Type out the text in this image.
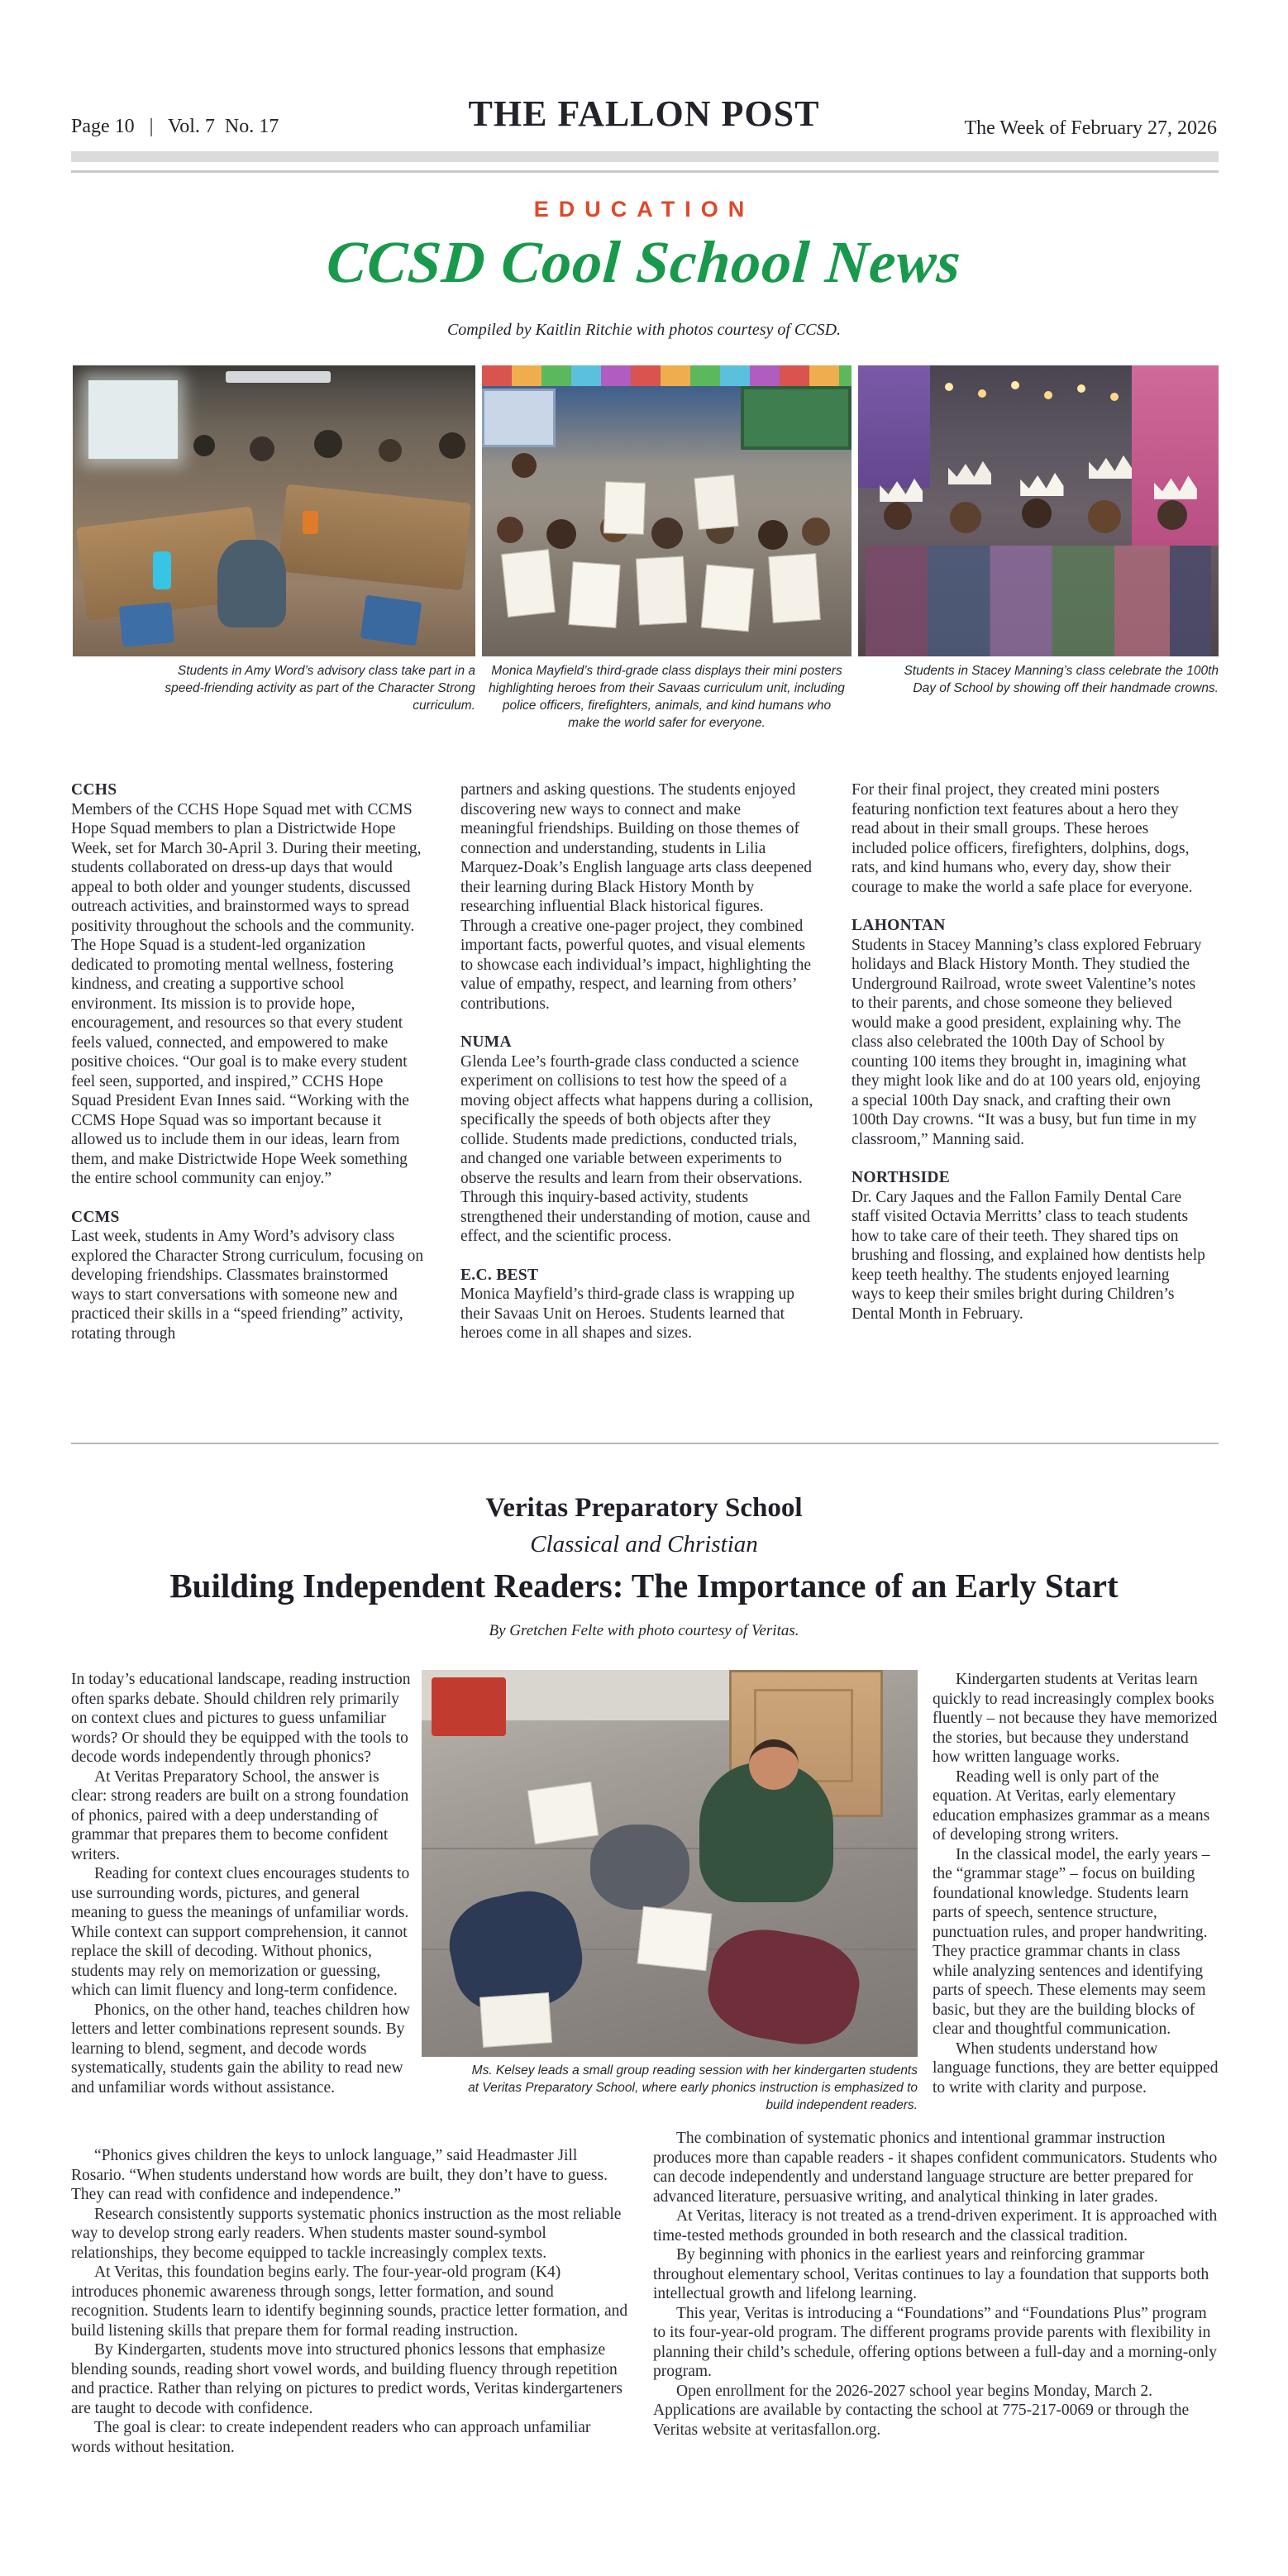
Page 10   |   Vol. 7  No. 17	THE FALLON POST	The Week of February 27, 2026
EDUCATION
CCSD Cool School News
Compiled by Kaitlin Ritchie with photos courtesy of CCSD.
Students in Amy Word’s advisory class take part in a speed-friending activity as part of the Character Strong curriculum.
Monica Mayfield’s third-grade class displays their mini posters highlighting heroes from their Savaas curriculum unit, including police officers, firefighters, animals, and kind humans who make the world safer for everyone.
Students in Stacey Manning’s class celebrate the 100th Day of School by showing off their handmade crowns.
CCHS

Members of the CCHS Hope Squad met with CCMS Hope Squad members to plan a Districtwide Hope Week, set for March 30-April 3. During their meeting, students collaborated on dress-up days that would appeal to both older and younger students, discussed outreach activities, and brainstormed ways to spread positivity throughout the schools and the community. The Hope Squad is a student-led organization dedicated to promoting mental wellness, fostering kindness, and creating a supportive school environment. Its mission is to provide hope, encouragement, and resources so that every student feels valued, connected, and empowered to make positive choices. “Our goal is to make every student feel seen, supported, and inspired,” CCHS Hope Squad President Evan Innes said. “Working with the CCMS Hope Squad was so important because it allowed us to include them in our ideas, learn from them, and make Districtwide Hope Week something the entire school community can enjoy.”

CCMS

Last week, students in Amy Word’s advisory class explored the Character Strong curriculum, focusing on developing friendships. Classmates brainstormed ways to start conversations with someone new and practiced their skills in a “speed friending” activity, rotating through

partners and asking questions. The students enjoyed discovering new ways to connect and make meaningful friendships. Building on those themes of connection and understanding, students in Lilia Marquez-Doak’s English language arts class deepened their learning during Black History Month by researching influential Black historical figures. Through a creative one-pager project, they combined important facts, powerful quotes, and visual elements to showcase each individual’s impact, highlighting the value of empathy, respect, and learning from others’ contributions.

NUMA

Glenda Lee’s fourth-grade class conducted a science experiment on collisions to test how the speed of a moving object affects what happens during a collision, specifically the speeds of both objects after they collide. Students made predictions, conducted trials, and changed one variable between experiments to observe the results and learn from their observations. Through this inquiry-based activity, students strengthened their understanding of motion, cause and effect, and the scientific process.

E.C. BEST

Monica Mayfield’s third-grade class is wrapping up their Savaas Unit on Heroes. Students learned that heroes come in all shapes and sizes.

For their final project, they created mini posters featuring nonfiction text features about a hero they read about in their small groups. These heroes included police officers, firefighters, dolphins, dogs, rats, and kind humans who, every day, show their courage to make the world a safe place for everyone.

LAHONTAN

Students in Stacey Manning’s class explored February holidays and Black History Month. They studied the Underground Railroad, wrote sweet Valentine’s notes to their parents, and chose someone they believed would make a good president, explaining why. The class also celebrated the 100th Day of School by counting 100 items they brought in, imagining what they might look like and do at 100 years old, enjoying a special 100th Day snack, and crafting their own 100th Day crowns. “It was a busy, but fun time in my classroom,” Manning said.

NORTHSIDE

Dr. Cary Jaques and the Fallon Family Dental Care staff visited Octavia Merritts’ class to teach students how to take care of their teeth. They shared tips on brushing and flossing, and explained how dentists help keep teeth healthy. The students enjoyed learning ways to keep their smiles bright during Children’s Dental Month in February.

Veritas Preparatory School
Classical and Christian
Building Independent Readers: The Importance of an Early Start
By Gretchen Felte with photo courtesy of Veritas.
Ms. Kelsey leads a small group reading session with her kindergarten students at Veritas Preparatory School, where early phonics instruction is emphasized to build independent readers.

In today’s educational landscape, reading instruction often sparks debate. Should children rely primarily on context clues and pictures to guess unfamiliar words? Or should they be equipped with the tools to decode words independently through phonics?

At Veritas Preparatory School, the answer is clear: strong readers are built on a strong foundation of phonics, paired with a deep understanding of grammar that prepares them to become confident writers.

Reading for context clues encourages students to use surrounding words, pictures, and general meaning to guess the meanings of unfamiliar words. While context can support comprehension, it cannot replace the skill of decoding. Without phonics, students may rely on memorization or guessing, which can limit fluency and long-term confidence.

Phonics, on the other hand, teaches children how letters and letter combinations represent sounds. By learning to blend, segment, and decode words systematically, students gain the ability to read new and unfamiliar words without assistance.

Kindergarten students at Veritas learn quickly to read increasingly complex books fluently – not because they have memorized the stories, but because they understand how written language works.

Reading well is only part of the equation. At Veritas, early elementary education emphasizes grammar as a means of developing strong writers.

In the classical model, the early years – the “grammar stage” – focus on building foundational knowledge. Students learn parts of speech, sentence structure, punctuation rules, and proper handwriting. They practice grammar chants in class while analyzing sentences and identifying parts of speech. These elements may seem basic, but they are the building blocks of clear and thoughtful communication.

When students understand how language functions, they are better equipped to write with clarity and purpose.

“Phonics gives children the keys to unlock language,” said Headmaster Jill Rosario. “When students understand how words are built, they don’t have to guess. They can read with confidence and independence.”

Research consistently supports systematic phonics instruction as the most reliable way to develop strong early readers. When students master sound-symbol relationships, they become equipped to tackle increasingly complex texts.

At Veritas, this foundation begins early. The four-year-old program (K4) introduces phonemic awareness through songs, letter formation, and sound recognition. Students learn to identify beginning sounds, practice letter formation, and build listening skills that prepare them for formal reading instruction.

By Kindergarten, students move into structured phonics lessons that emphasize blending sounds, reading short vowel words, and building fluency through repetition and practice. Rather than relying on pictures to predict words, Veritas kindergarteners are taught to decode with confidence.

The goal is clear: to create independent readers who can approach unfamiliar words without hesitation.

The combination of systematic phonics and intentional grammar instruction produces more than capable readers - it shapes confident communicators. Students who can decode independently and understand language structure are better prepared for advanced literature, persuasive writing, and analytical thinking in later grades.

At Veritas, literacy is not treated as a trend-driven experiment. It is approached with time-tested methods grounded in both research and the classical tradition.

By beginning with phonics in the earliest years and reinforcing grammar throughout elementary school, Veritas continues to lay a foundation that supports both intellectual growth and lifelong learning.

This year, Veritas is introducing a “Foundations” and “Foundations Plus” program to its four-year-old program. The different programs provide parents with flexibility in planning their child’s schedule, offering options between a full-day and a morning-only program.

Open enrollment for the 2026-2027 school year begins Monday, March 2. Applications are available by contacting the school at 775-217-0069 or through the Veritas website at veritasfallon.org.
